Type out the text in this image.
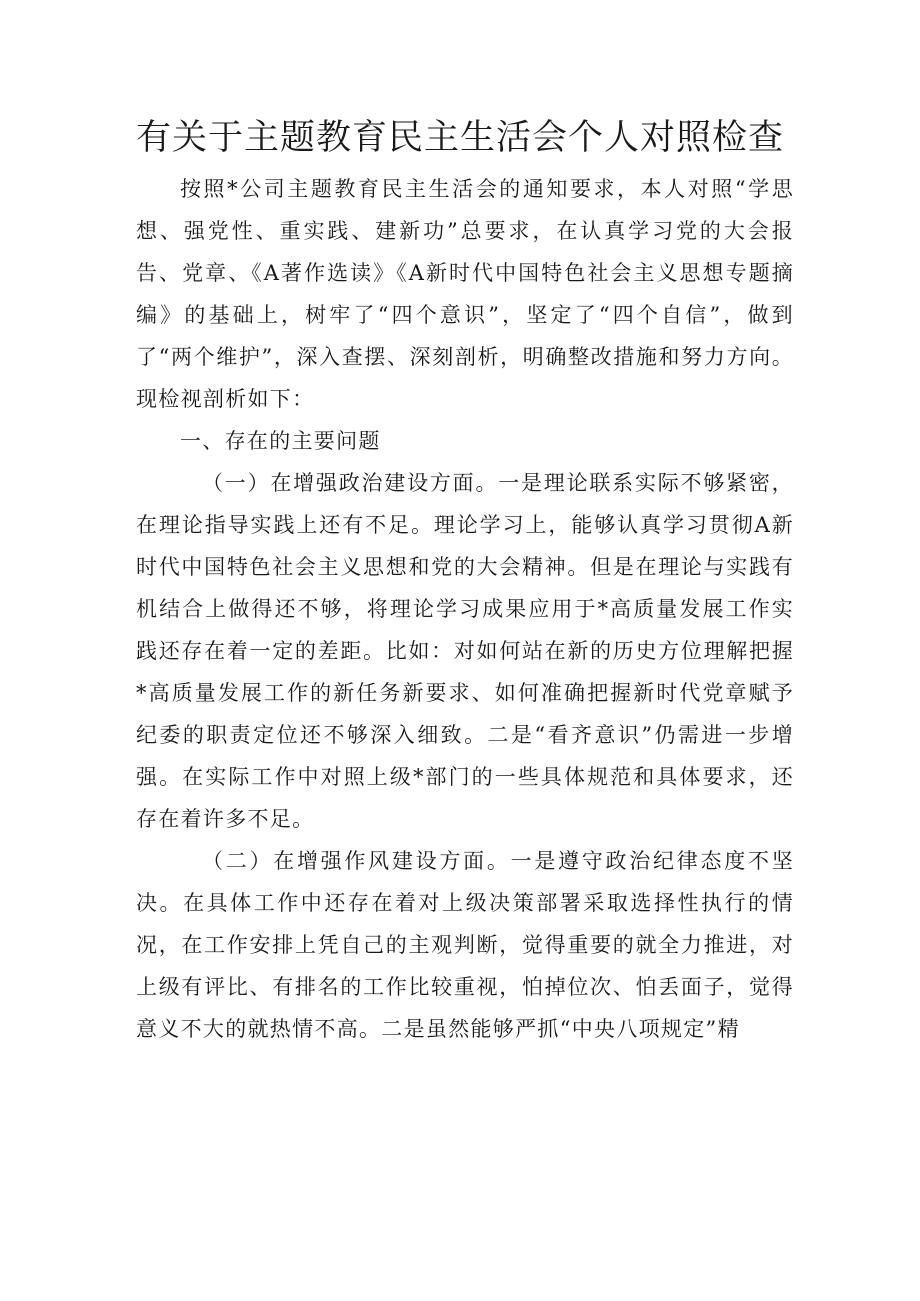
有关于主题教育民主生活会个人对照检查

按照*公司主题教育民主生活会的通知要求，本人对照“学思想、强党性、重实践、建新功”总要求，在认真学习党的大会报告、党章、《A著作选读》《A新时代中国特色社会主义思想专题摘编》的基础上，树牢了“四个意识”，坚定了“四个自信”，做到了“两个维护”，深入查摆、深刻剖析，明确整改措施和努力方向。现检视剖析如下：

一、存在的主要问题

（一）在增强政治建设方面。一是理论联系实际不够紧密，在理论指导实践上还有不足。理论学习上，能够认真学习贯彻A新时代中国特色社会主义思想和党的大会精神。但是在理论与实践有机结合上做得还不够，将理论学习成果应用于*高质量发展工作实践还存在着一定的差距。比如：对如何站在新的历史方位理解把握*高质量发展工作的新任务新要求、如何准确把握新时代党章赋予纪委的职责定位还不够深入细致。二是“看齐意识”仍需进一步增强。在实际工作中对照上级*部门的一些具体规范和具体要求，还存在着许多不足。

（二）在增强作风建设方面。一是遵守政治纪律态度不坚决。在具体工作中还存在着对上级决策部署采取选择性执行的情况，在工作安排上凭自己的主观判断，觉得重要的就全力推进，对上级有评比、有排名的工作比较重视，怕掉位次、怕丢面子，觉得意义不大的就热情不高。二是虽然能够严抓“中央八项规定”精
